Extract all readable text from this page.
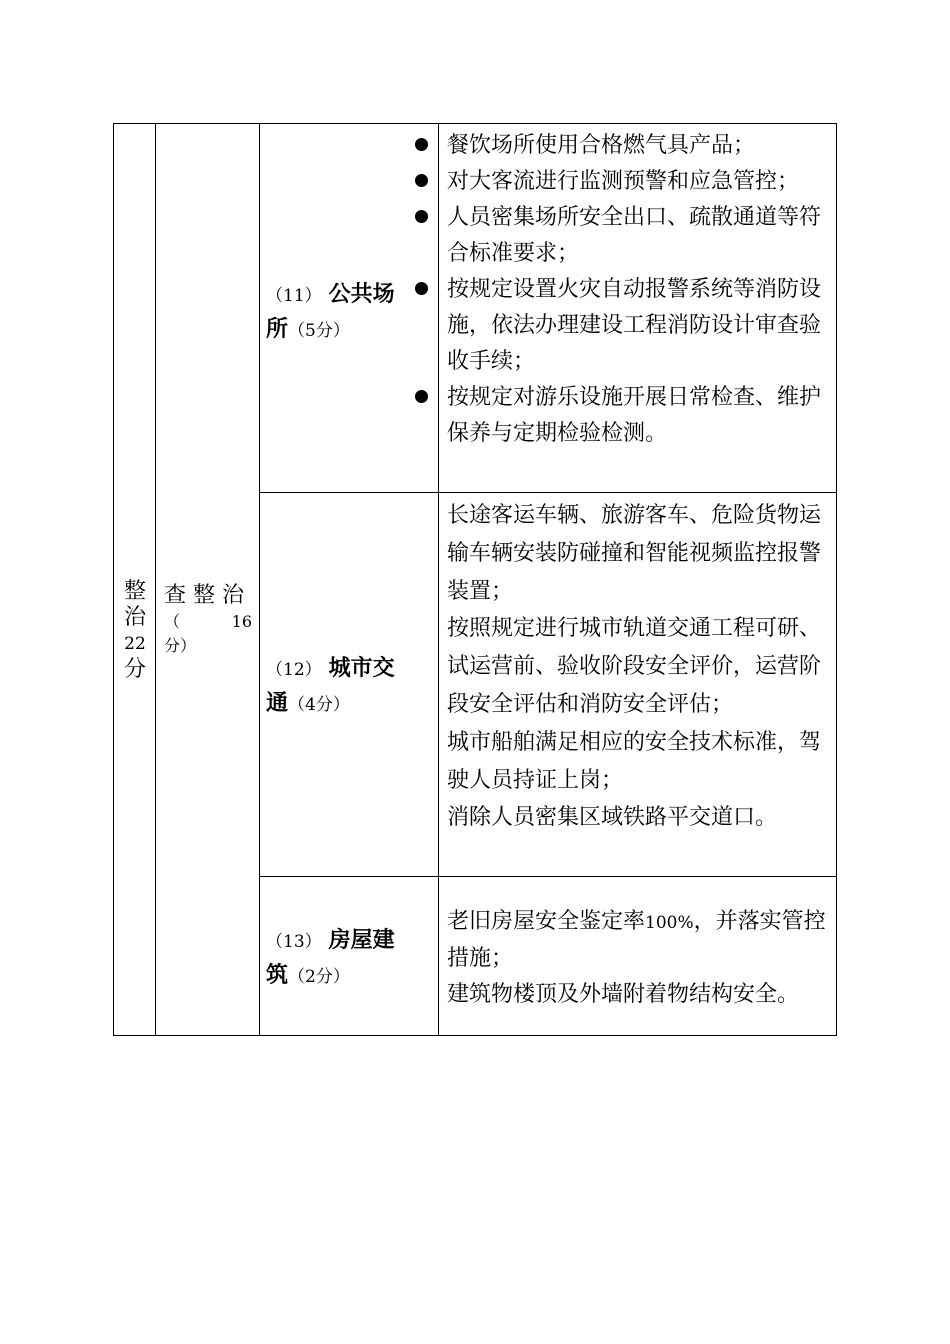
整
治
22
分
查 整 治
（	16
分）
（11） 公共场
所（5分）
餐饮场所使用合格燃气具产品；
对大客流进行监测预警和应急管控；
人员密集场所安全出口、疏散通道等符合标准要求；
按规定设置火灾自动报警系统等消防设施，依法办理建设工程消防设计审查验收手续；
按规定对游乐设施开展日常检查、维护保养与定期检验检测。
（12） 城市交
通（4分）
长途客运车辆、旅游客车、危险货物运输车辆安装防碰撞和智能视频监控报警装置；
按照规定进行城市轨道交通工程可研、试运营前、验收阶段安全评价，运营阶段安全评估和消防安全评估；
城市船舶满足相应的安全技术标准，驾驶人员持证上岗；
消除人员密集区域铁路平交道口。
（13） 房屋建
筑（2分）
老旧房屋安全鉴定率100%，并落实管控措施；
建筑物楼顶及外墙附着物结构安全。
